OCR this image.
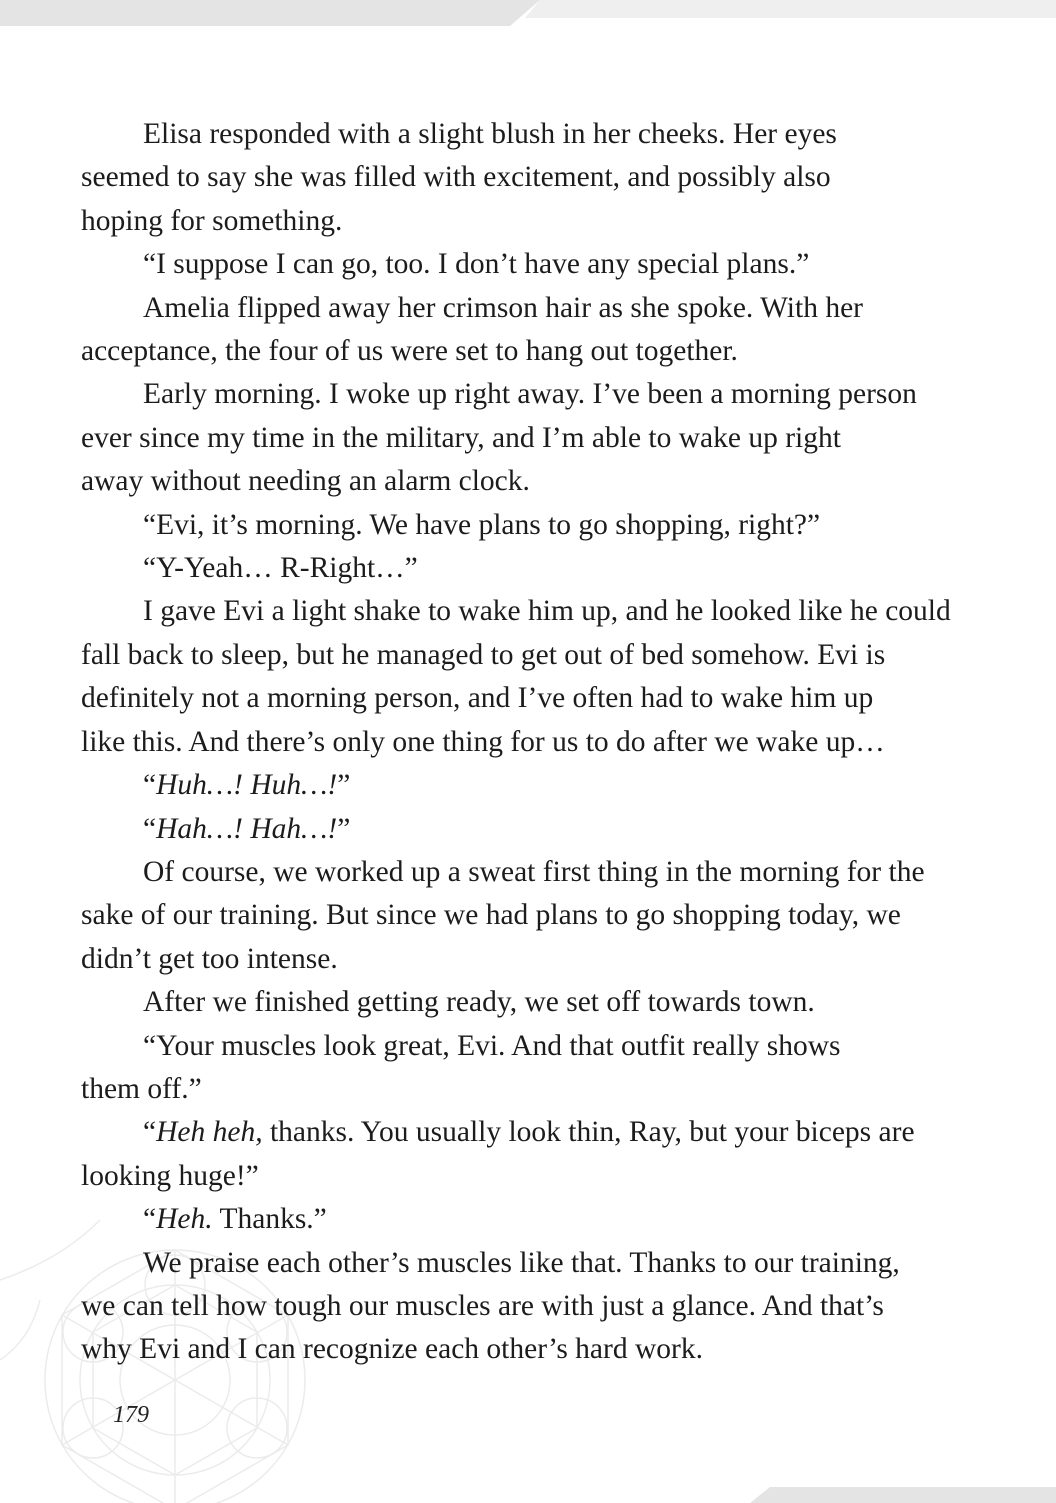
Elisa responded with a slight blush in her cheeks. Her eyes
seemed to say she was filled with excitement, and possibly also
hoping for something.

“I suppose I can go, too. I don’t have any special plans.”

Amelia flipped away her crimson hair as she spoke. With her
acceptance, the four of us were set to hang out together.

Early morning. I woke up right away. I’ve been a morning person
ever since my time in the military, and I’m able to wake up right
away without needing an alarm clock.

“Evi, it’s morning. We have plans to go shopping, right?”

“Y-Yeah… R-Right…”

I gave Evi a light shake to wake him up, and he looked like he could
fall back to sleep, but he managed to get out of bed somehow. Evi is
definitely not a morning person, and I’ve often had to wake him up
like this. And there’s only one thing for us to do after we wake up…

“Huh…! Huh…!”

“Hah…! Hah…!”

Of course, we worked up a sweat first thing in the morning for the
sake of our training. But since we had plans to go shopping today, we
didn’t get too intense.

After we finished getting ready, we set off towards town.

“Your muscles look great, Evi. And that outfit really shows
them off.”

“Heh heh, thanks. You usually look thin, Ray, but your biceps are
looking huge!”

“Heh. Thanks.”

We praise each other’s muscles like that. Thanks to our training,
we can tell how tough our muscles are with just a glance. And that’s
why Evi and I can recognize each other’s hard work.

179
